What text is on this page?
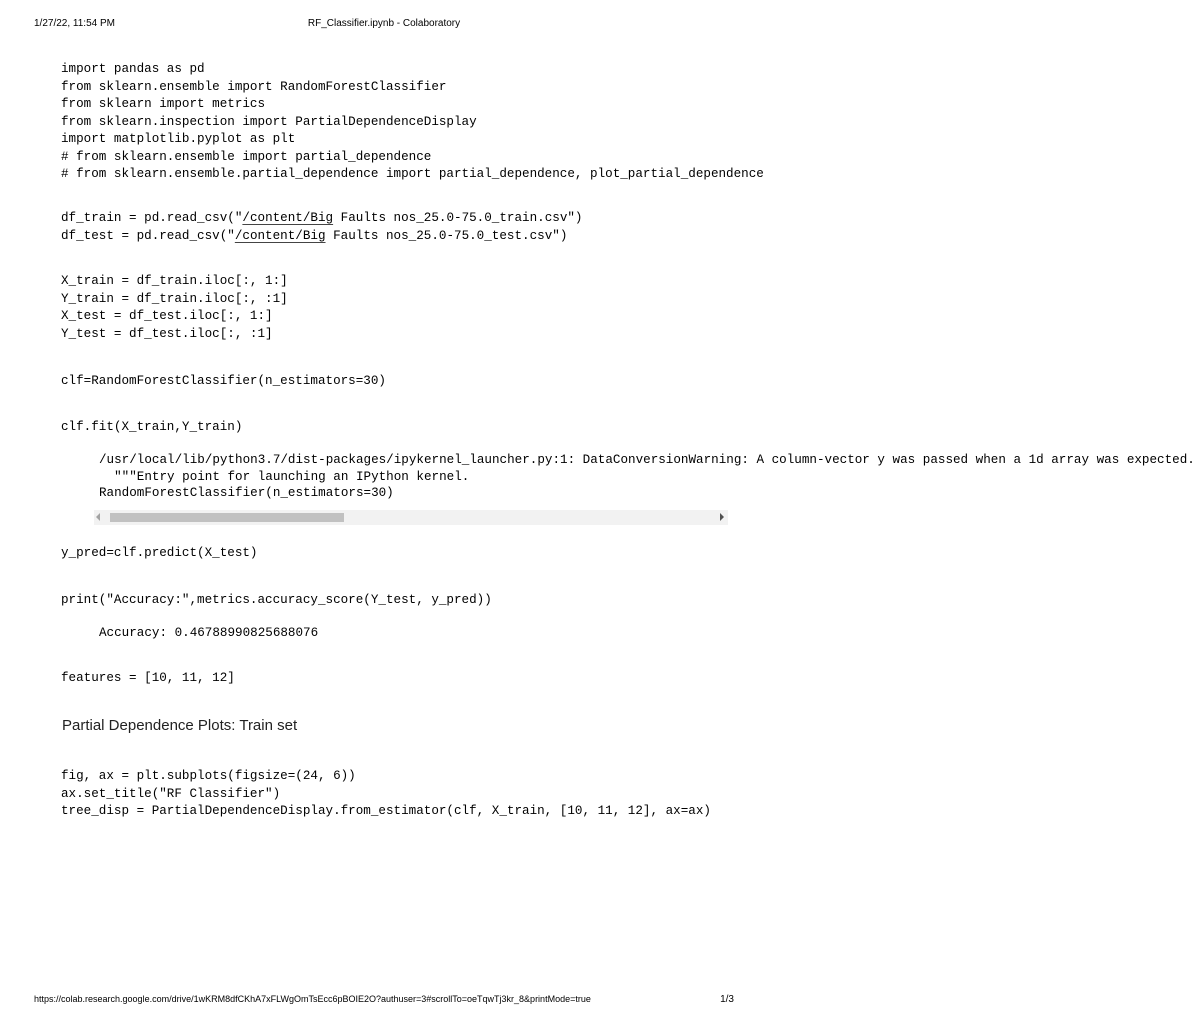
1/27/22, 11:54 PM	RF_Classifier.ipynb - Colaboratory
import pandas as pd
from sklearn.ensemble import RandomForestClassifier
from sklearn import metrics
from sklearn.inspection import PartialDependenceDisplay
import matplotlib.pyplot as plt
# from sklearn.ensemble import partial_dependence
# from sklearn.ensemble.partial_dependence import partial_dependence, plot_partial_dependence
df_train = pd.read_csv("/content/Big Faults nos_25.0-75.0_train.csv")
df_test = pd.read_csv("/content/Big Faults nos_25.0-75.0_test.csv")
X_train = df_train.iloc[:, 1:]
Y_train = df_train.iloc[:, :1]
X_test = df_test.iloc[:, 1:]
Y_test = df_test.iloc[:, :1]
clf=RandomForestClassifier(n_estimators=30)
clf.fit(X_train,Y_train)
/usr/local/lib/python3.7/dist-packages/ipykernel_launcher.py:1: DataConversionWarning: A column-vector y was passed when a 1d array was expected.
"""Entry point for launching an IPython kernel.
RandomForestClassifier(n_estimators=30)
y_pred=clf.predict(X_test)
print("Accuracy:",metrics.accuracy_score(Y_test, y_pred))
Accuracy: 0.46788990825688076
features = [10, 11, 12]
Partial Dependence Plots: Train set
fig, ax = plt.subplots(figsize=(24, 6))
ax.set_title("RF Classifier")
tree_disp = PartialDependenceDisplay.from_estimator(clf, X_train, [10, 11, 12], ax=ax)
https://colab.research.google.com/drive/1wKRM8dfCKhA7xFLWgOmTsEcc6pBOIE2O?authuser=3#scrollTo=oeTqwTj3kr_8&printMode=true	1/3
